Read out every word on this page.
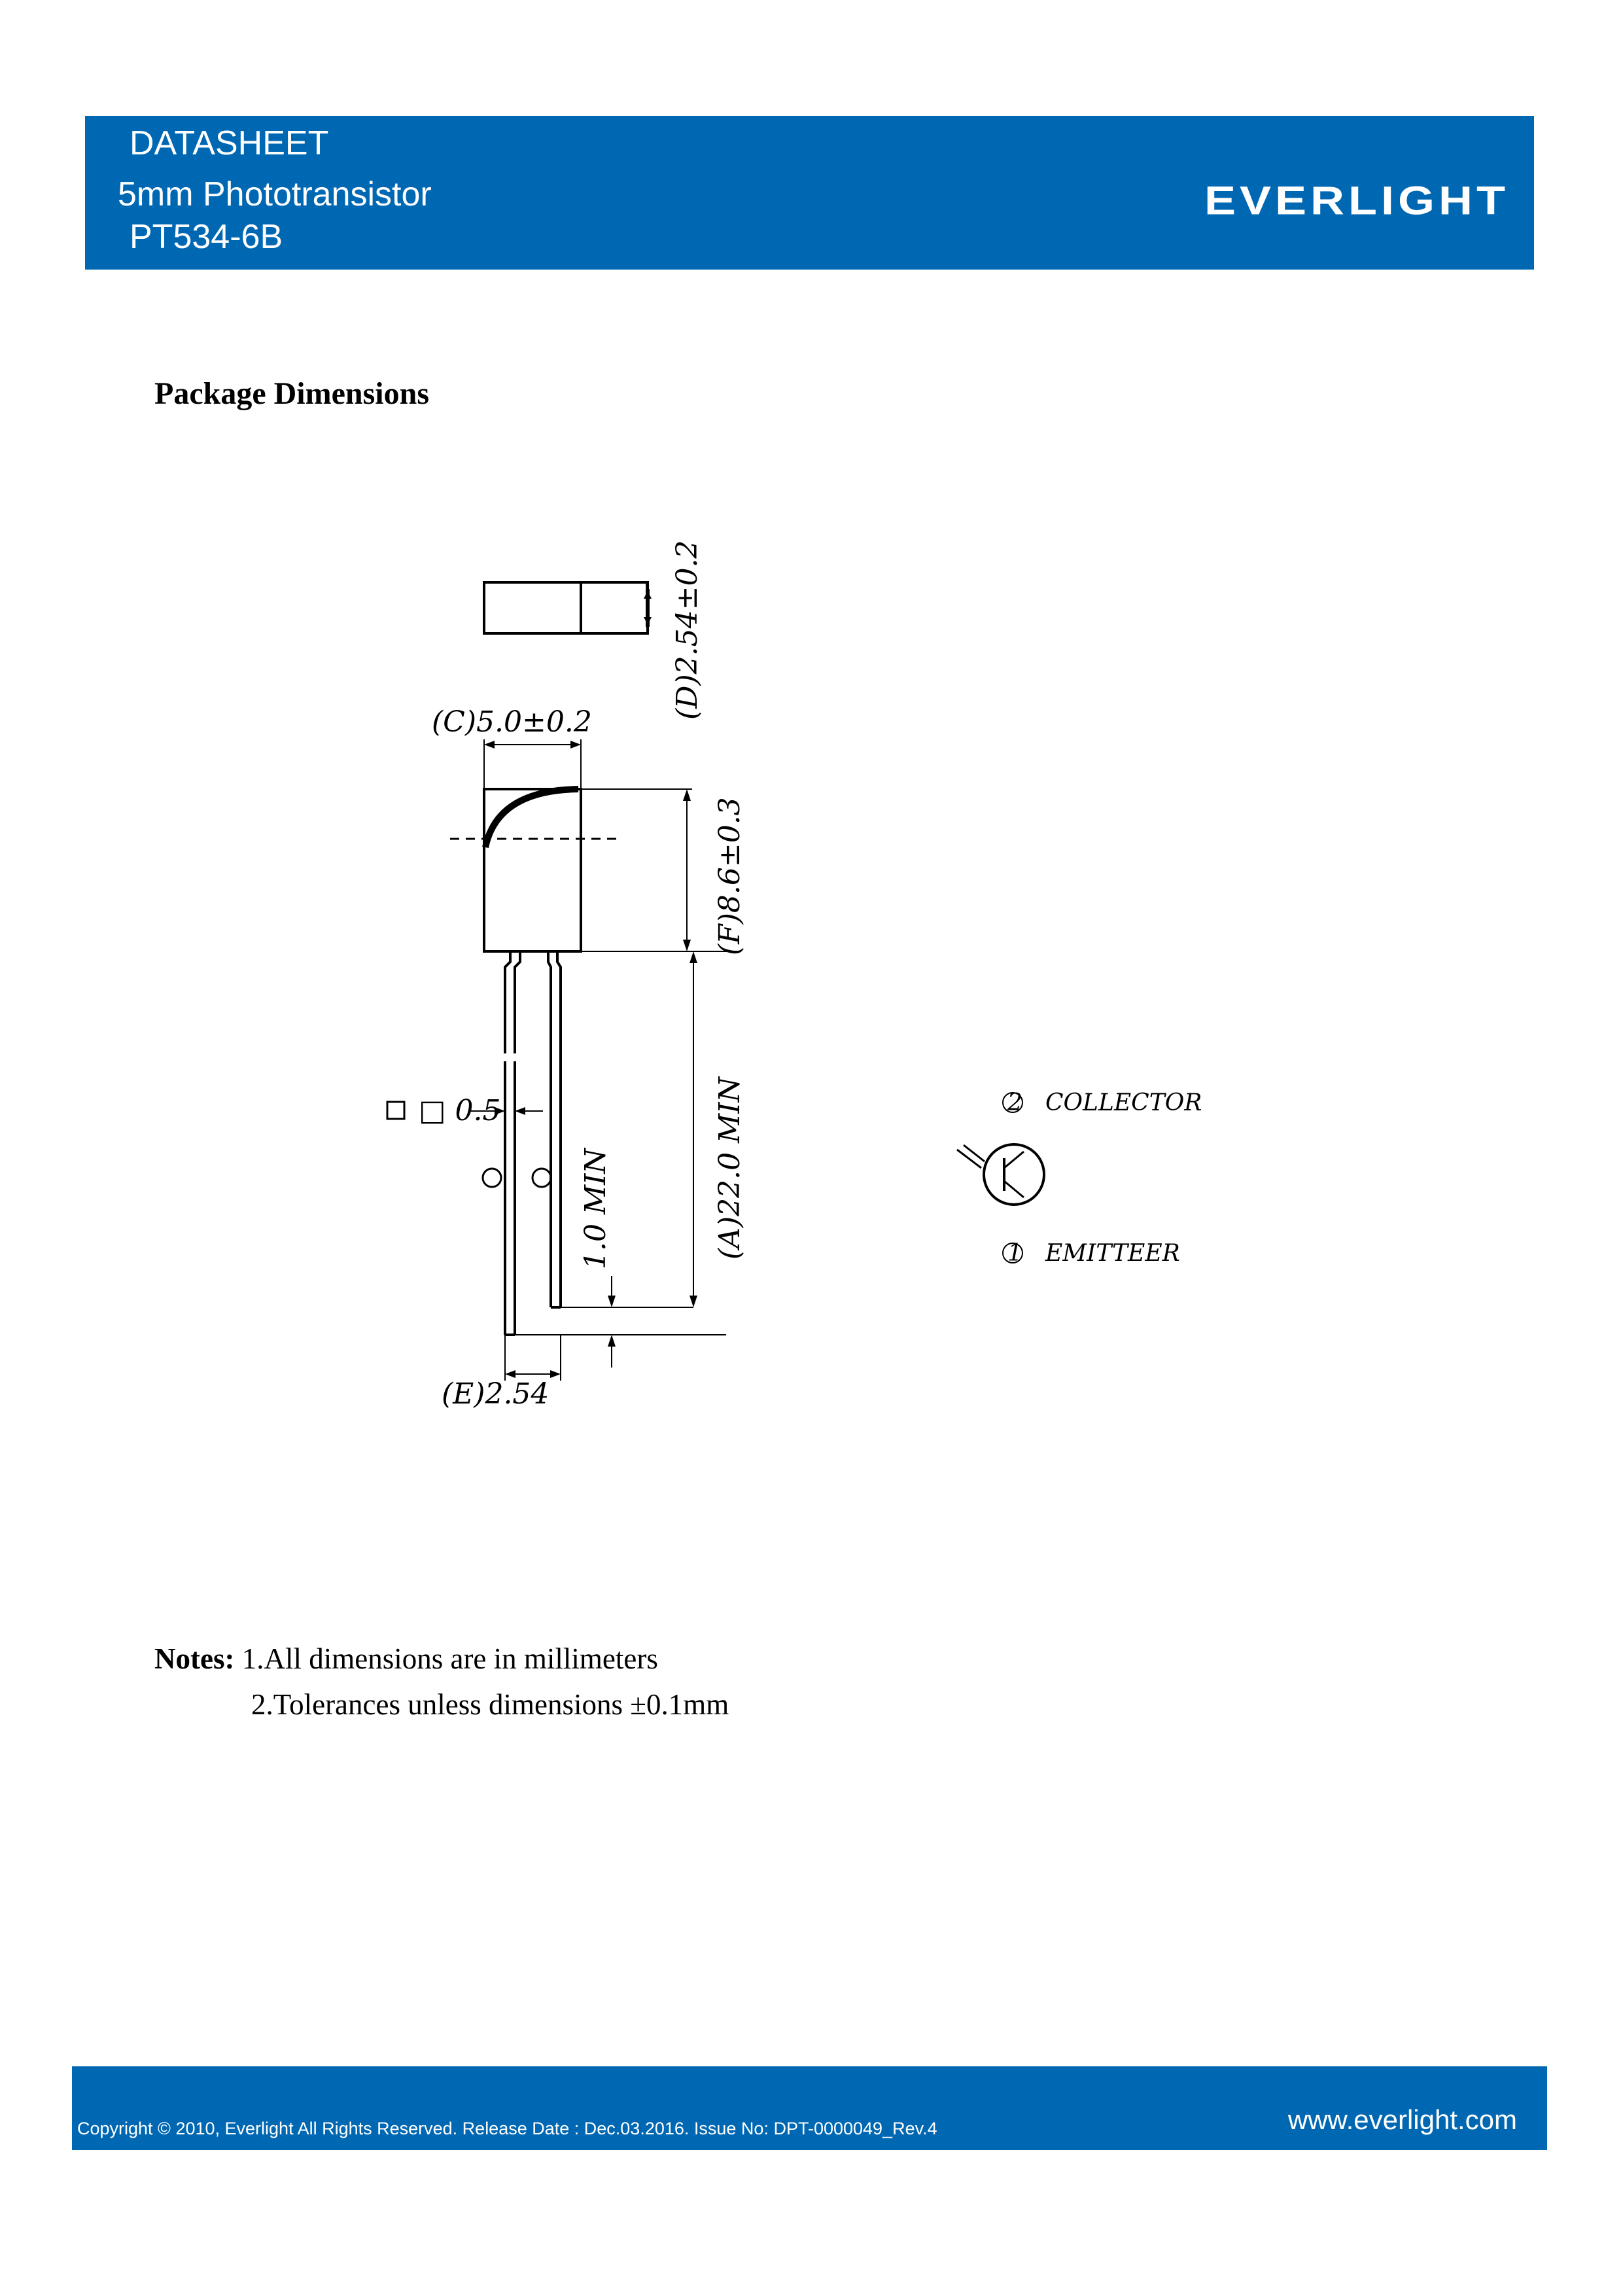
DATASHEET
5mm Phototransistor
PT534-6B
EVERLIGHT
Package Dimensions
(C)5.0±0.2
(D)2.54±0.2
(F)8.6±0.3
(A)22.0 MIN
1.0 MIN
□ 0.5
(E)2.54
2
1
COLLECTOR
EMITTEER
Notes: 1.All dimensions are in millimeters
2.Tolerances unless dimensions ±0.1mm
Copyright © 2010, Everlight All Rights Reserved. Release Date : Dec.03.2016. Issue No: DPT-0000049_Rev.4	www.everlight.com
